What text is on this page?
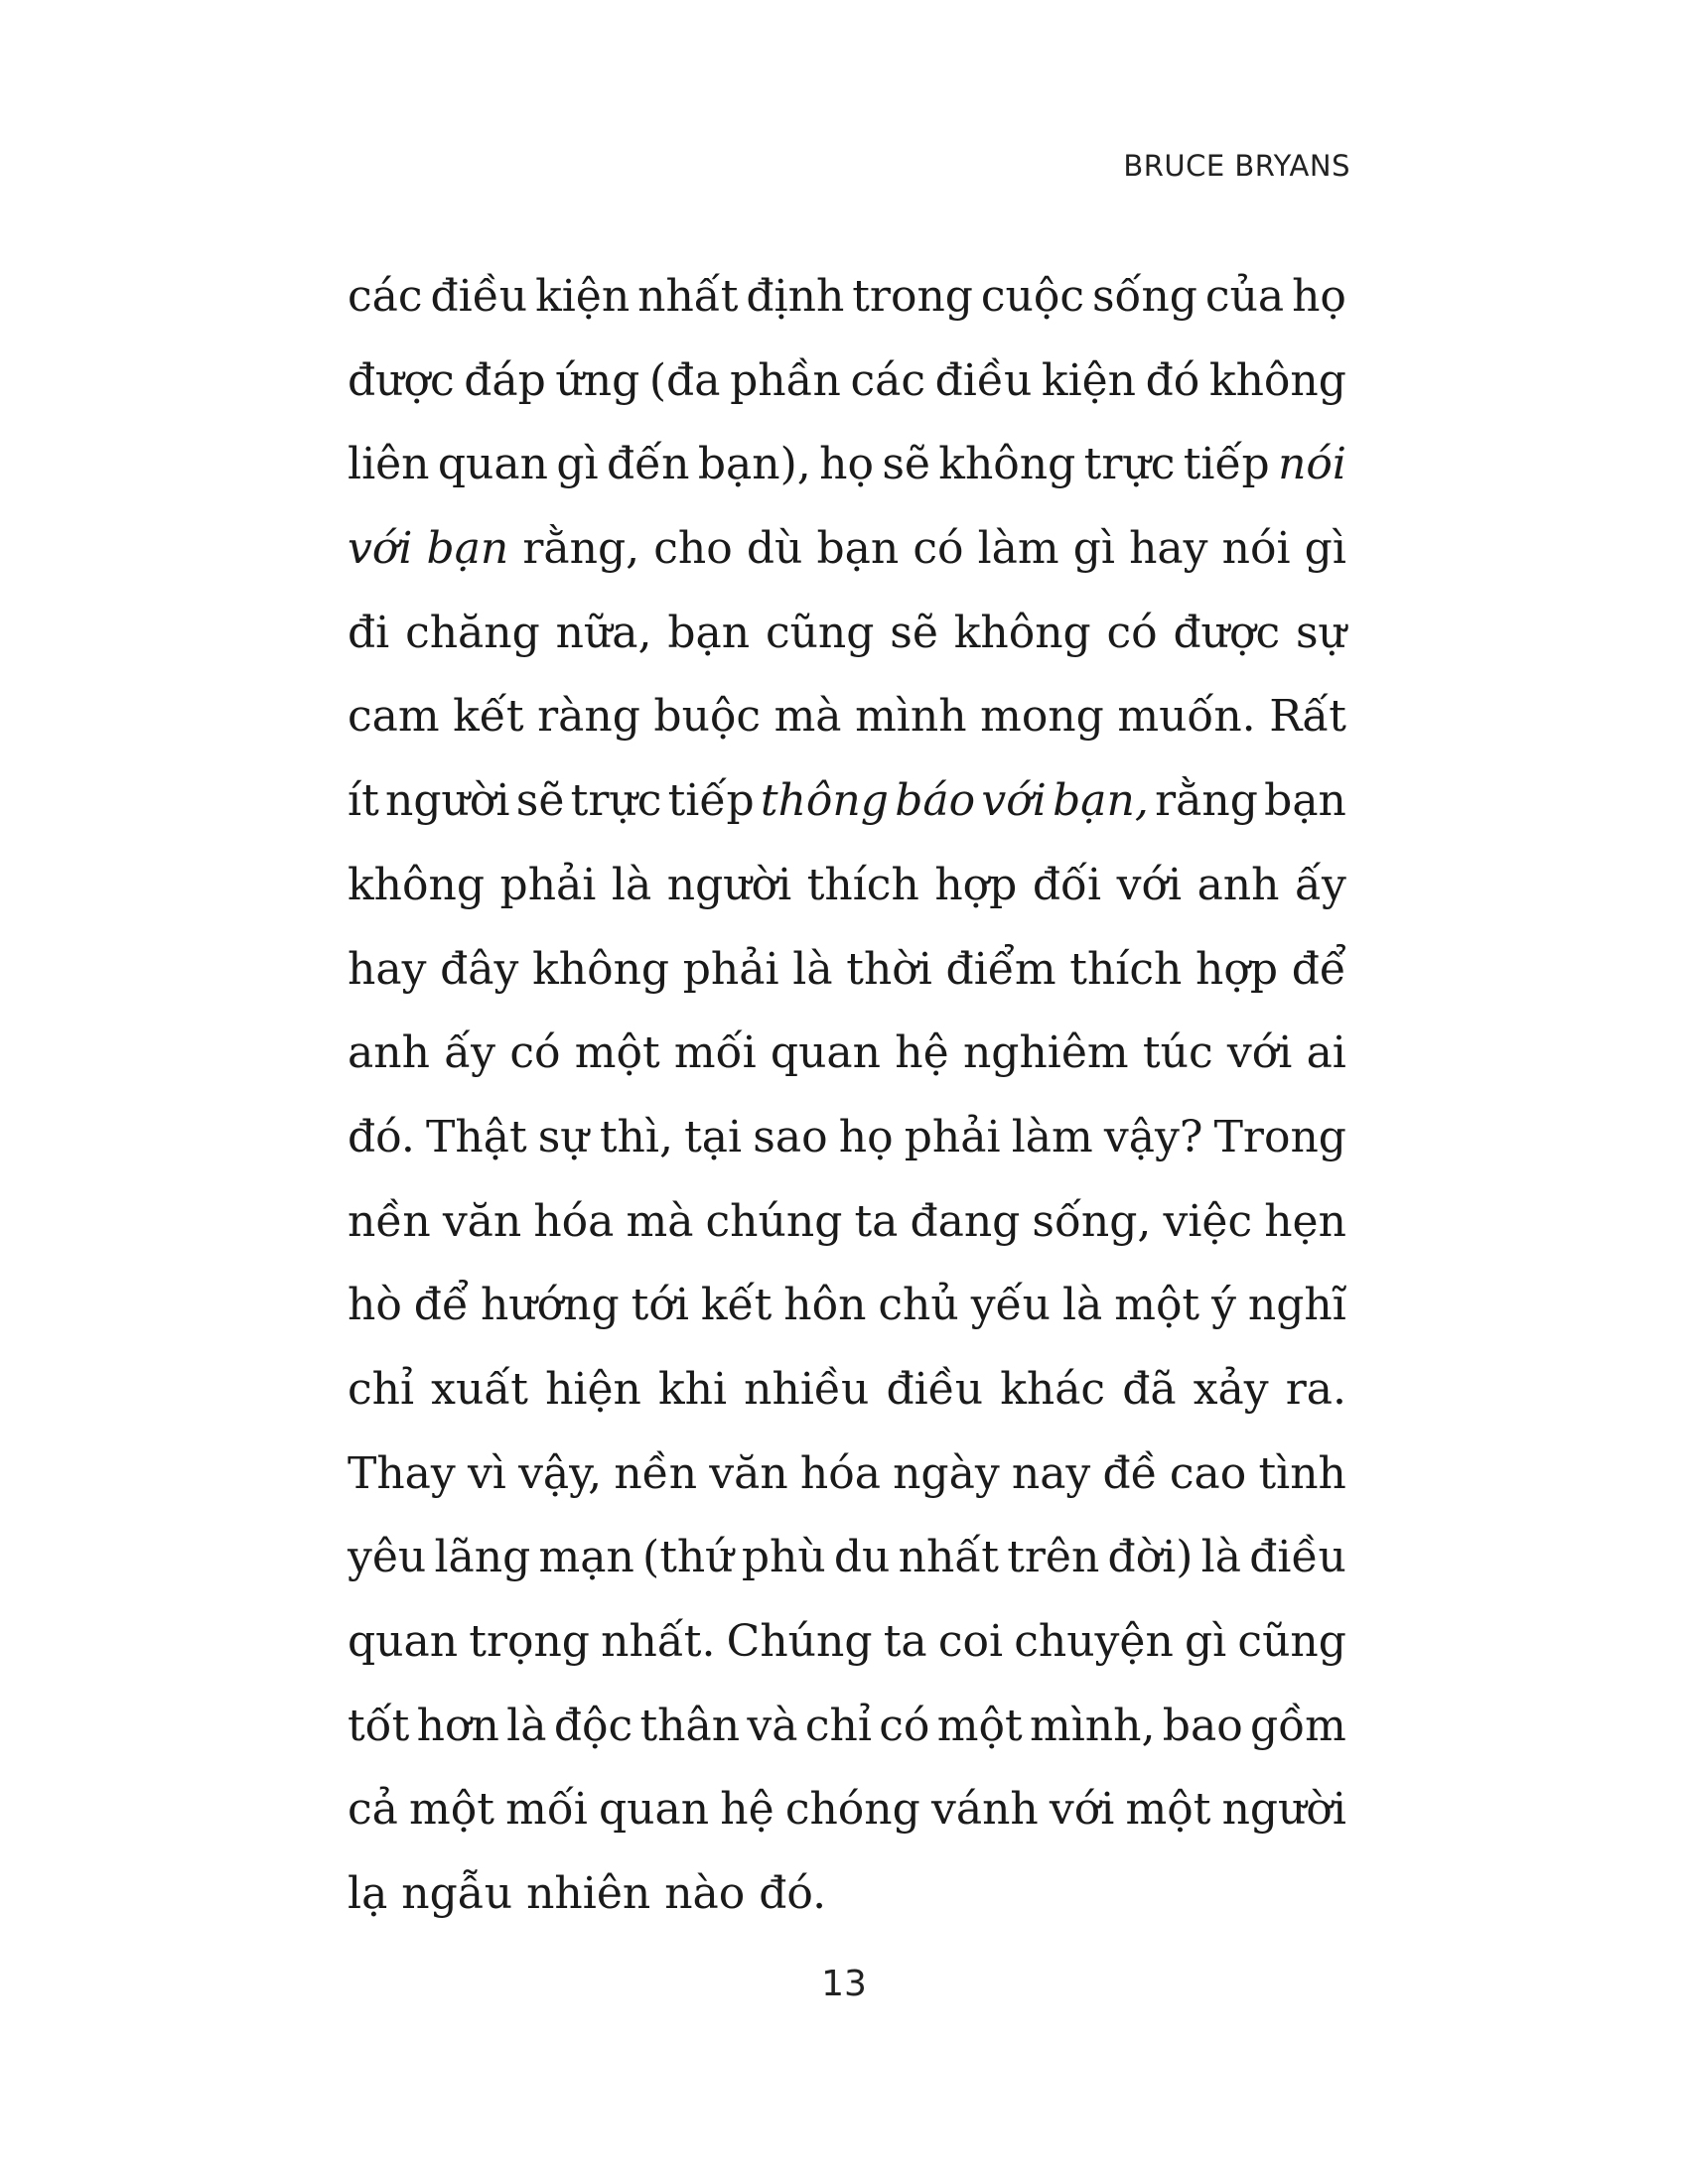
BRUCE BRYANS

các điều kiện nhất định trong cuộc sống của họ
được đáp ứng (đa phần các điều kiện đó không
liên quan gì đến bạn), họ sẽ không trực tiếp nói
với bạn rằng, cho dù bạn có làm gì hay nói gì
đi chăng nữa, bạn cũng sẽ không có được sự
cam kết ràng buộc mà mình mong muốn. Rất
ít người sẽ trực tiếp thông báo với bạn, rằng bạn
không phải là người thích hợp đối với anh ấy
hay đây không phải là thời điểm thích hợp để
anh ấy có một mối quan hệ nghiêm túc với ai
đó. Thật sự thì, tại sao họ phải làm vậy? Trong
nền văn hóa mà chúng ta đang sống, việc hẹn
hò để hướng tới kết hôn chủ yếu là một ý nghĩ
chỉ xuất hiện khi nhiều điều khác đã xảy ra.
Thay vì vậy, nền văn hóa ngày nay đề cao tình
yêu lãng mạn (thứ phù du nhất trên đời) là điều
quan trọng nhất. Chúng ta coi chuyện gì cũng
tốt hơn là độc thân và chỉ có một mình, bao gồm
cả một mối quan hệ chóng vánh với một người
lạ ngẫu nhiên nào đó.

13
